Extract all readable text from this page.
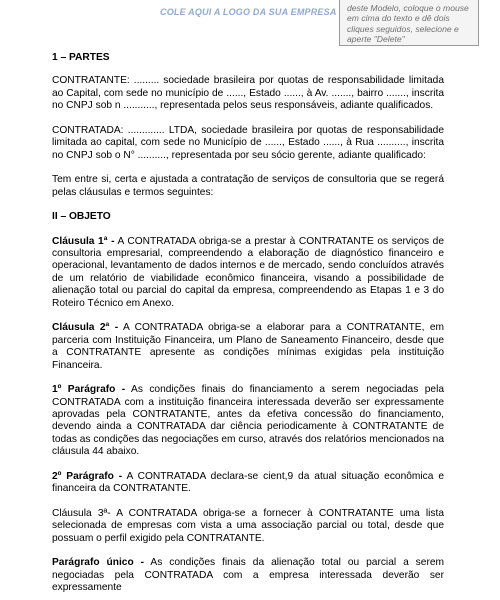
COLE AQUI A LOGO DA SUA EMPRESA	deste Modelo, coloque o mouse em cima do texto e dê dois cliques seguidos, selecione e aperte "Delete"
1 – PARTES

CONTRATANTE: ......... sociedade brasileira por quotas de responsabilidade limitada ao Capital, com sede no município de ......, Estado ......, à Av. ......., bairro ......., inscrita no CNPJ sob n ..........., representada pelos seus responsáveis, adiante qualificados.

CONTRATADA: ............. LTDA, sociedade brasileira por quotas de responsabilidade limitada ao capital, com sede no Município de ......, Estado ......, à Rua .........., inscrita no CNPJ sob o N° .........., representada por seu sócio gerente, adiante qualificado:

Tem entre si, certa e ajustada a contratação de serviços de consultoria que se regerá pelas cláusulas e termos seguintes:

II – OBJETO

Cláusula 1ª - A CONTRATADA obriga-se a prestar à CONTRATANTE os serviços de consultoria empresarial, compreendendo a elaboração de diagnóstico financeiro e operacional, levantamento de dados internos e de mercado, sendo concluídos através de um relatório de viabilidade econômico financeira, visando a possibilidade de alienação total ou parcial do capital da empresa, compreendendo as Etapas 1 e 3 do Roteiro Técnico em Anexo.

Cláusula 2ª - A CONTRATADA obriga-se a elaborar para a CONTRATANTE, em parceria com Instituição Financeira, um Plano de Saneamento Financeiro, desde que a CONTRATANTE apresente as condições mínimas exigidas pela instituição Financeira.

1º Parágrafo - As condições finais do financiamento a serem negociadas pela CONTRATADA com a instituição financeira interessada deverão ser expressamente aprovadas pela CONTRATANTE, antes da efetiva concessão do financiamento, devendo ainda a CONTRATADA dar ciência periodicamente à CONTRATANTE de todas as condições das negociações em curso, através dos relatórios mencionados na cláusula 44 abaixo.

2º Parágrafo - A CONTRATADA declara-se cient,9 da atual situação econômica e financeira da CONTRATANTE.

Cláusula 3ª- A CONTRATADA obriga-se a fornecer à CONTRATANTE uma lista selecionada de empresas com vista a uma associação parcial ou total, desde que possuam o perfil exigido pela CONTRATANTE.

Parágrafo único - As condições finais da alienação total ou parcial a serem negociadas pela CONTRATADA com a empresa interessada deverão ser expressamente
